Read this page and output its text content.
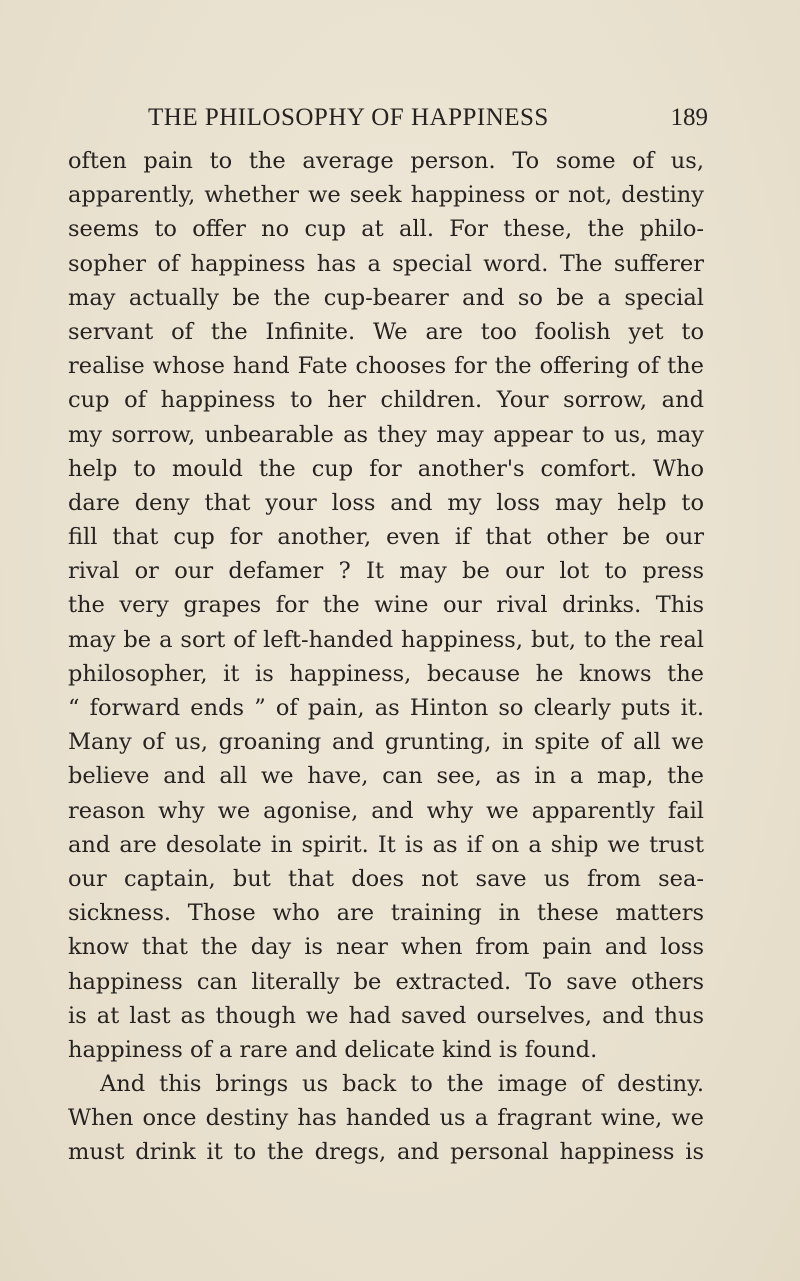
THE PHILOSOPHY OF HAPPINESS	189
often pain to the average person. To some of us,
apparently, whether we seek happiness or not, destiny
seems to offer no cup at all. For these, the philo-
sopher of happiness has a special word. The sufferer
may actually be the cup-bearer and so be a special
servant of the Infinite. We are too foolish yet to
realise whose hand Fate chooses for the offering of the
cup of happiness to her children. Your sorrow, and
my sorrow, unbearable as they may appear to us, may
help to mould the cup for another's comfort. Who
dare deny that your loss and my loss may help to
fill that cup for another, even if that other be our
rival or our defamer ? It may be our lot to press
the very grapes for the wine our rival drinks. This
may be a sort of left-handed happiness, but, to the real
philosopher, it is happiness, because he knows the
“ forward ends ” of pain, as Hinton so clearly puts it.
Many of us, groaning and grunting, in spite of all we
believe and all we have, can see, as in a map, the
reason why we agonise, and why we apparently fail
and are desolate in spirit. It is as if on a ship we trust
our captain, but that does not save us from sea-
sickness. Those who are training in these matters
know that the day is near when from pain and loss
happiness can literally be extracted. To save others
is at last as though we had saved ourselves, and thus
happiness of a rare and delicate kind is found.
And this brings us back to the image of destiny.
When once destiny has handed us a fragrant wine, we
must drink it to the dregs, and personal happiness is
